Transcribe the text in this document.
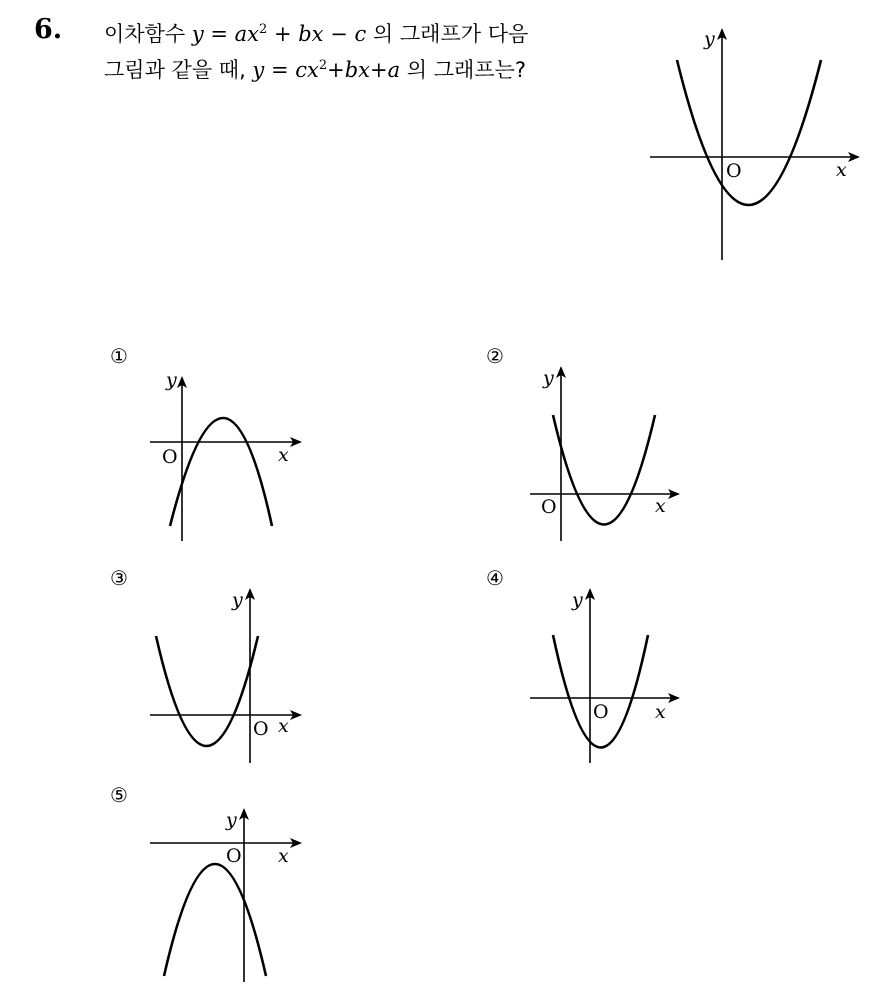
6. 이차함수 $y = ax^2$ + bx − c 의 그래프가 다음
그림과 같을 때, $y = cx^2+bx+a$ 의 그래프는?
y
x
O
①	②
③	④
⑤
y
x
O
y
x
O
y
x
O
y
x
O
y
x
O
